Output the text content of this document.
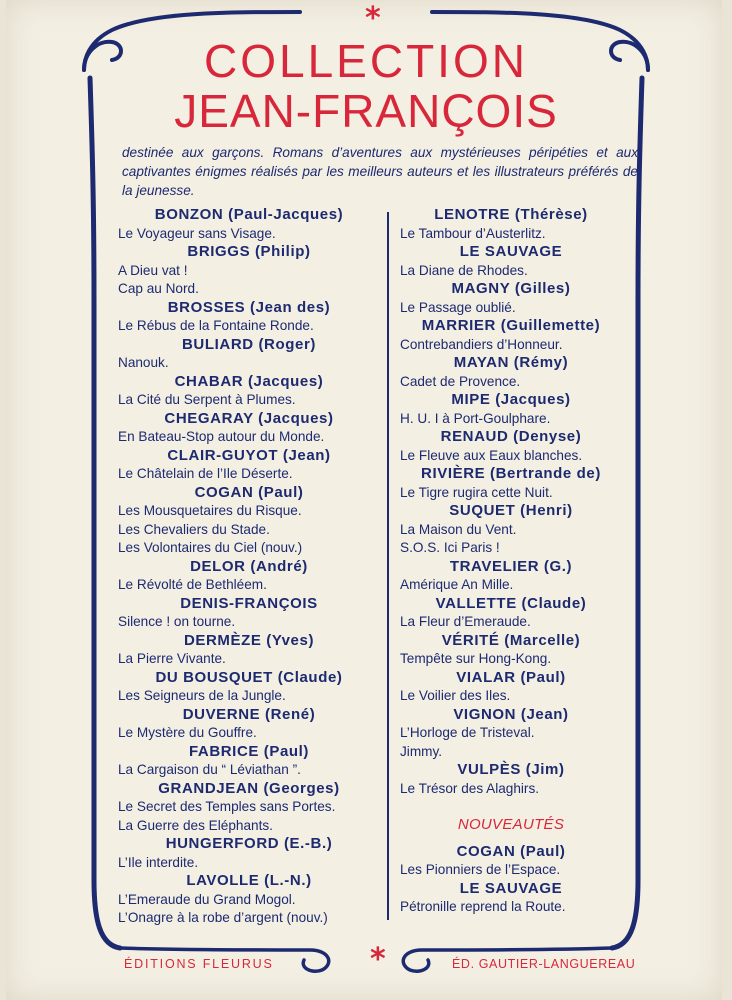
*
COLLECTION
JEAN-FRANÇOIS
destinée aux garçons. Romans d’aventures aux mystérieuses péripéties et aux captivantes énigmes réalisés par les meilleurs auteurs et les illustrateurs préférés de la jeunesse.
BONZON (Paul-Jacques)
Le Voyageur sans Visage.
BRIGGS (Philip)
A Dieu vat !
Cap au Nord.
BROSSES (Jean des)
Le Rébus de la Fontaine Ronde.
BULIARD (Roger)
Nanouk.
CHABAR (Jacques)
La Cité du Serpent à Plumes.
CHEGARAY (Jacques)
En Bateau-Stop autour du Monde.
CLAIR-GUYOT (Jean)
Le Châtelain de l’Ile Déserte.
COGAN (Paul)
Les Mousquetaires du Risque.
Les Chevaliers du Stade.
Les Volontaires du Ciel (nouv.)
DELOR (André)
Le Révolté de Bethléem.
DENIS-FRANÇOIS
Silence ! on tourne.
DERMÈZE (Yves)
La Pierre Vivante.
DU BOUSQUET (Claude)
Les Seigneurs de la Jungle.
DUVERNE (René)
Le Mystère du Gouffre.
FABRICE (Paul)
La Cargaison du “ Léviathan ”.
GRANDJEAN (Georges)
Le Secret des Temples sans Portes.
La Guerre des Eléphants.
HUNGERFORD (E.-B.)
L’Ile interdite.
LAVOLLE (L.-N.)
L’Emeraude du Grand Mogol.
L’Onagre à la robe d’argent (nouv.)
LENOTRE (Thérèse)
Le Tambour d’Austerlitz.
LE SAUVAGE
La Diane de Rhodes.
MAGNY (Gilles)
Le Passage oublié.
MARRIER (Guillemette)
Contrebandiers d’Honneur.
MAYAN (Rémy)
Cadet de Provence.
MIPE (Jacques)
H. U. I à Port-Goulphare.
RENAUD (Denyse)
Le Fleuve aux Eaux blanches.
RIVIÈRE (Bertrande de)
Le Tigre rugira cette Nuit.
SUQUET (Henri)
La Maison du Vent.
S.O.S. Ici Paris !
TRAVELIER (G.)
Amérique An Mille.
VALLETTE (Claude)
La Fleur d’Emeraude.
VÉRITÉ (Marcelle)
Tempête sur Hong-Kong.
VIALAR (Paul)
Le Voilier des Iles.
VIGNON (Jean)
L’Horloge de Tristeval.
Jimmy.
VULPÈS (Jim)
Le Trésor des Alaghirs.
NOUVEAUTÉS
COGAN (Paul)
Les Pionniers de l’Espace.
LE SAUVAGE
Pétronille reprend la Route.
*
ÉDITIONS FLEURUS	ÉD. GAUTIER-LANGUEREAU
